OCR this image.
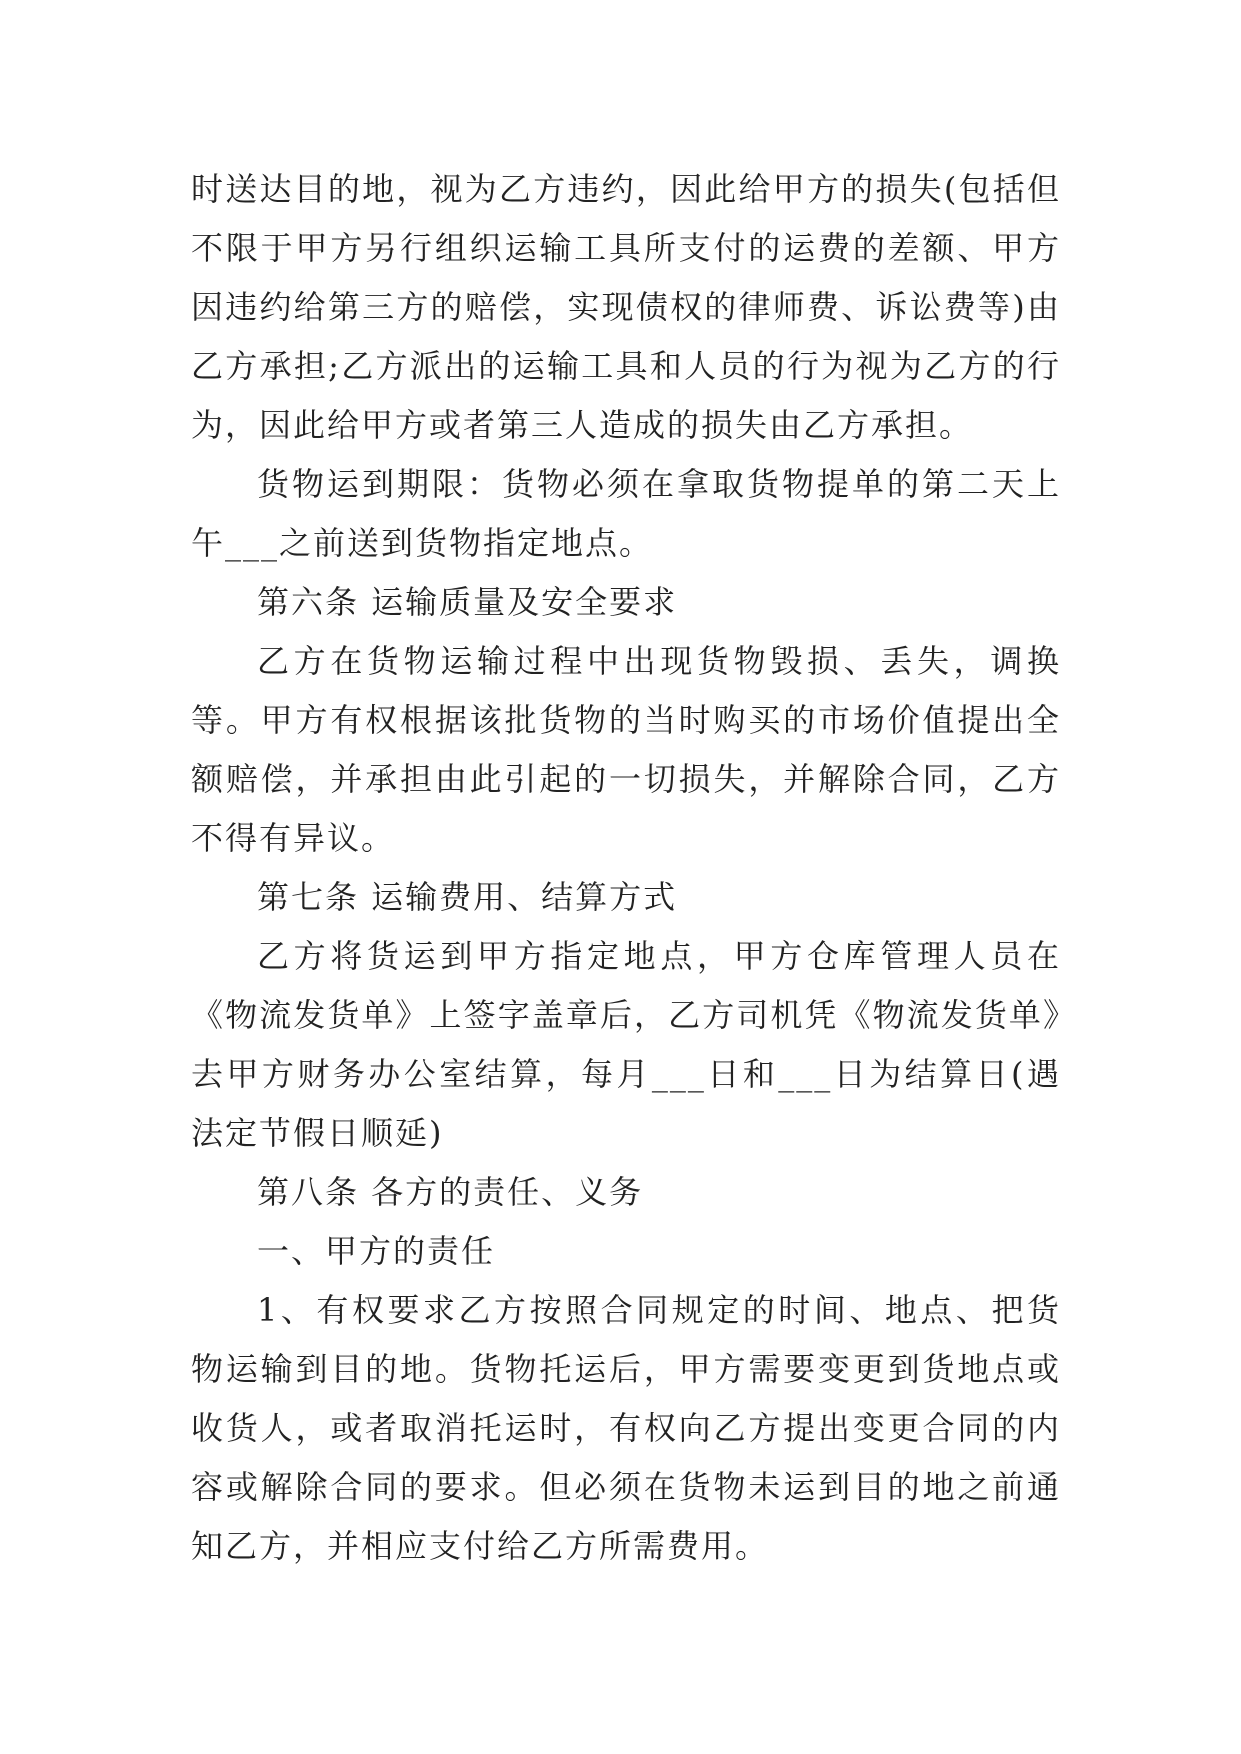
时送达目的地，视为乙方违约，因此给甲方的损失(包括但不限于甲方另行组织运输工具所支付的运费的差额、甲方因违约给第三方的赔偿，实现债权的律师费、诉讼费等)由乙方承担;乙方派出的运输工具和人员的行为视为乙方的行为，因此给甲方或者第三人造成的损失由乙方承担。

货物运到期限：货物必须在拿取货物提单的第二天上午___之前送到货物指定地点。

第六条 运输质量及安全要求

乙方在货物运输过程中出现货物毁损、丢失，调换等。甲方有权根据该批货物的当时购买的市场价值提出全额赔偿，并承担由此引起的一切损失，并解除合同，乙方不得有异议。

第七条 运输费用、结算方式

乙方将货运到甲方指定地点，甲方仓库管理人员在《物流发货单》上签字盖章后，乙方司机凭《物流发货单》去甲方财务办公室结算，每月___日和___日为结算日(遇法定节假日顺延)

第八条 各方的责任、义务

一、甲方的责任

1、有权要求乙方按照合同规定的时间、地点、把货物运输到目的地。货物托运后，甲方需要变更到货地点或收货人，或者取消托运时，有权向乙方提出变更合同的内容或解除合同的要求。但必须在货物未运到目的地之前通知乙方，并相应支付给乙方所需费用。
